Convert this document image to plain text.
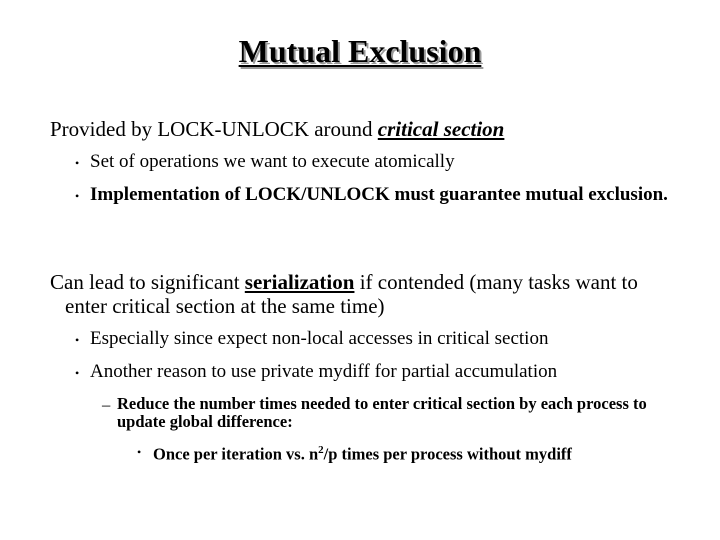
Mutual Exclusion
Provided by LOCK-UNLOCK around critical section
• Set of operations we want to execute atomically
• Implementation of LOCK/UNLOCK must guarantee mutual exclusion.
Can lead to significant serialization if contended (many tasks want to enter critical section at the same time)
• Especially since expect non-local accesses in critical section
• Another reason to use private mydiff for partial accumulation
– Reduce the number times needed to enter critical section by each process to update global difference:
• Once per iteration vs. $n^2/p$ times per process without mydiff
